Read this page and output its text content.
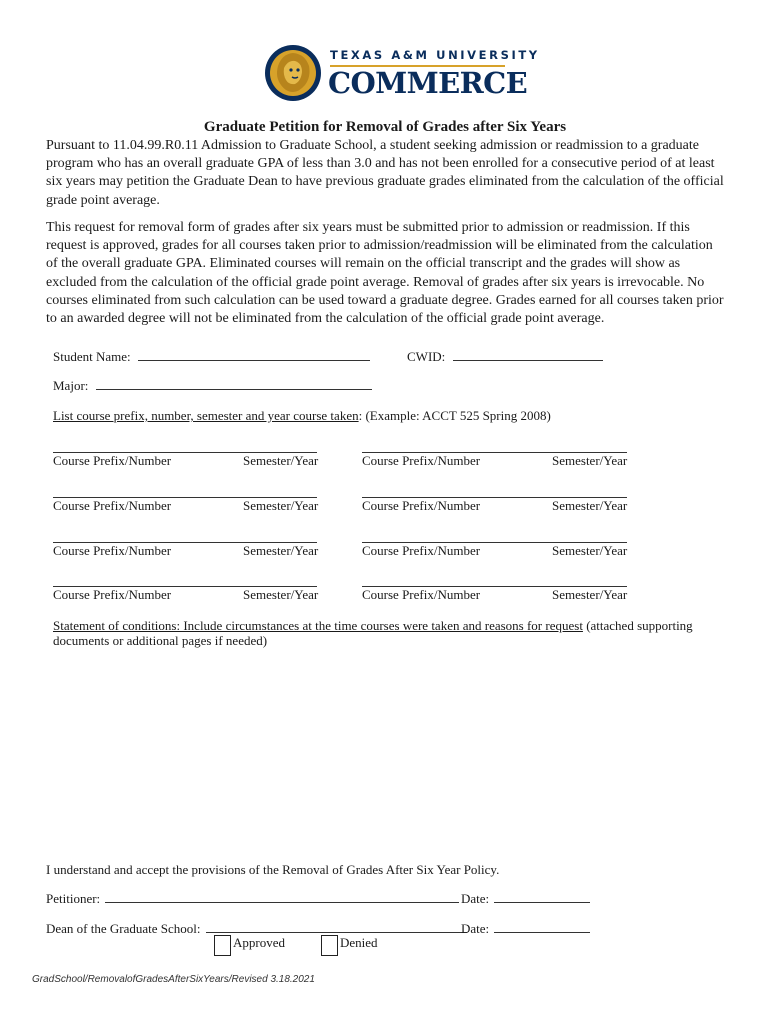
TEXAS A&M UNIVERSITY
COMMERCE
Graduate Petition for Removal of Grades after Six Years
Pursuant to 11.04.99.R0.11 Admission to Graduate School, a student seeking admission or readmission to a graduate program who has an overall graduate GPA of less than 3.0 and has not been enrolled for a consecutive period of at least six years may petition the Graduate Dean to have previous graduate grades eliminated from the calculation of the official grade point average.
This request for removal form of grades after six years must be submitted prior to admission or readmission. If this request is approved, grades for all courses taken prior to admission/readmission will be eliminated from the calculation of the overall graduate GPA. Eliminated courses will remain on the official transcript and the grades will show as excluded from the calculation of the official grade point average. Removal of grades after six years is irrevocable. No courses eliminated from such calculation can be used toward a graduate degree. Grades earned for all courses taken prior to an awarded degree will not be eliminated from the calculation of the official grade point average.
Student Name:	CWID:
Major:
List course prefix, number, semester and year course taken: (Example: ACCT 525 Spring 2008)
Course Prefix/Number	Semester/Year	Course Prefix/Number	Semester/Year
Course Prefix/Number	Semester/Year	Course Prefix/Number	Semester/Year
Course Prefix/Number	Semester/Year	Course Prefix/Number	Semester/Year
Course Prefix/Number	Semester/Year	Course Prefix/Number	Semester/Year
Statement of conditions: Include circumstances at the time courses were taken and reasons for request (attached supporting
documents or additional pages if needed)
I understand and accept the provisions of the Removal of Grades After Six Year Policy.
Petitioner:	Date:
Dean of the Graduate School:	Date:
Approved	Denied
GradSchool/RemovalofGradesAfterSixYears/Revised 3.18.2021
